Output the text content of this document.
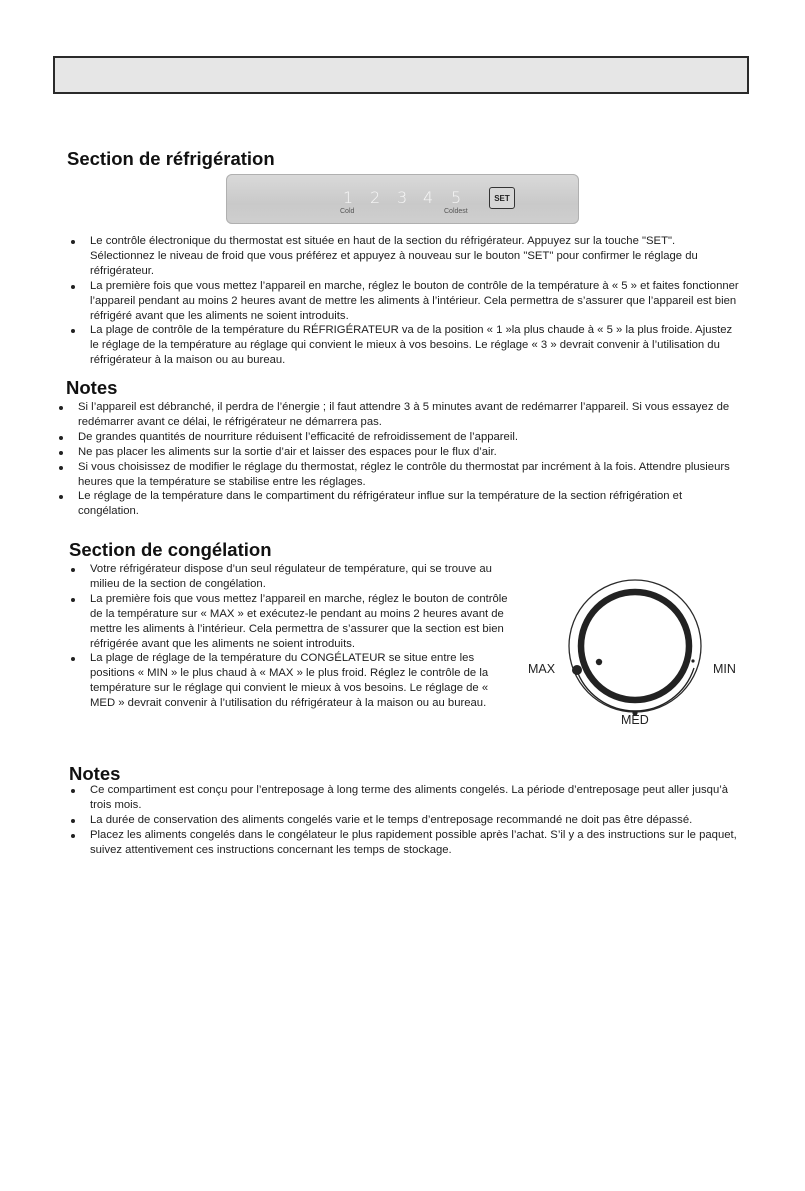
Section de réfrigération
1 2 3 4 5
Cold	Coldest
SET
Le contrôle électronique du thermostat est située en haut de la section du réfrigérateur. Appuyez sur la touche "SET". Sélectionnez le niveau de froid que vous préférez et appuyez à nouveau sur le bouton "SET" pour confirmer le réglage du réfrigérateur.
La première fois que vous mettez l’appareil en marche, réglez le bouton de contrôle de la température à « 5 » et faites fonctionner l’appareil pendant au moins 2 heures avant de mettre les aliments à l’intérieur. Cela permettra de s’assurer que l’appareil est bien réfrigéré avant que les aliments ne soient introduits.
La plage de contrôle de la température du RÉFRIGÉRATEUR va de la position « 1 »la plus chaude à « 5 » la plus froide. Ajustez le réglage de la température au réglage qui convient le mieux à vos besoins. Le réglage « 3 » devrait convenir à l’utilisation du réfrigérateur à la maison ou au bureau.
Notes
Si l’appareil est débranché, il perdra de l’énergie ; il faut attendre 3 à 5 minutes avant de redémarrer l’appareil. Si vous essayez de redémarrer avant ce délai, le réfrigérateur ne démarrera pas.
De grandes quantités de nourriture réduisent l’efficacité de refroidissement de l’appareil.
Ne pas placer les aliments sur la sortie d’air et laisser des espaces pour le flux d’air.
Si vous choisissez de modifier le réglage du thermostat, réglez le contrôle du thermostat par incrément à la fois. Attendre plusieurs heures que la température se stabilise entre les réglages.
Le réglage de la température dans le compartiment du réfrigérateur influe sur la température de la section réfrigération et congélation.
Section de congélation
Votre réfrigérateur dispose d’un seul régulateur de température, qui se trouve au milieu de la section de congélation.
La première fois que vous mettez l’appareil en marche, réglez le bouton de contrôle de la température sur « MAX » et exécutez-le pendant au moins 2 heures avant de mettre les aliments à l’intérieur. Cela permettra de s’assurer que la section est bien réfrigérée avant que les aliments ne soient introduits.
La plage de réglage de la température du CONGÉLATEUR se situe entre les positions « MIN » le plus chaud à « MAX » le plus froid. Réglez le contrôle de la température sur le réglage qui convient le mieux à vos besoins. Le réglage de « MED » devrait convenir à l’utilisation du réfrigérateur à la maison ou au bureau.
MAX	MIN
MED
Notes
Ce compartiment est conçu pour l’entreposage à long terme des aliments congelés. La période d’entreposage peut aller jusqu’à trois mois.
La durée de conservation des aliments congelés varie et le temps d’entreposage recommandé ne doit pas être dépassé.
Placez les aliments congelés dans le congélateur le plus rapidement possible après l’achat. S’il y a des instructions sur le paquet, suivez attentivement ces instructions concernant les temps de stockage.
